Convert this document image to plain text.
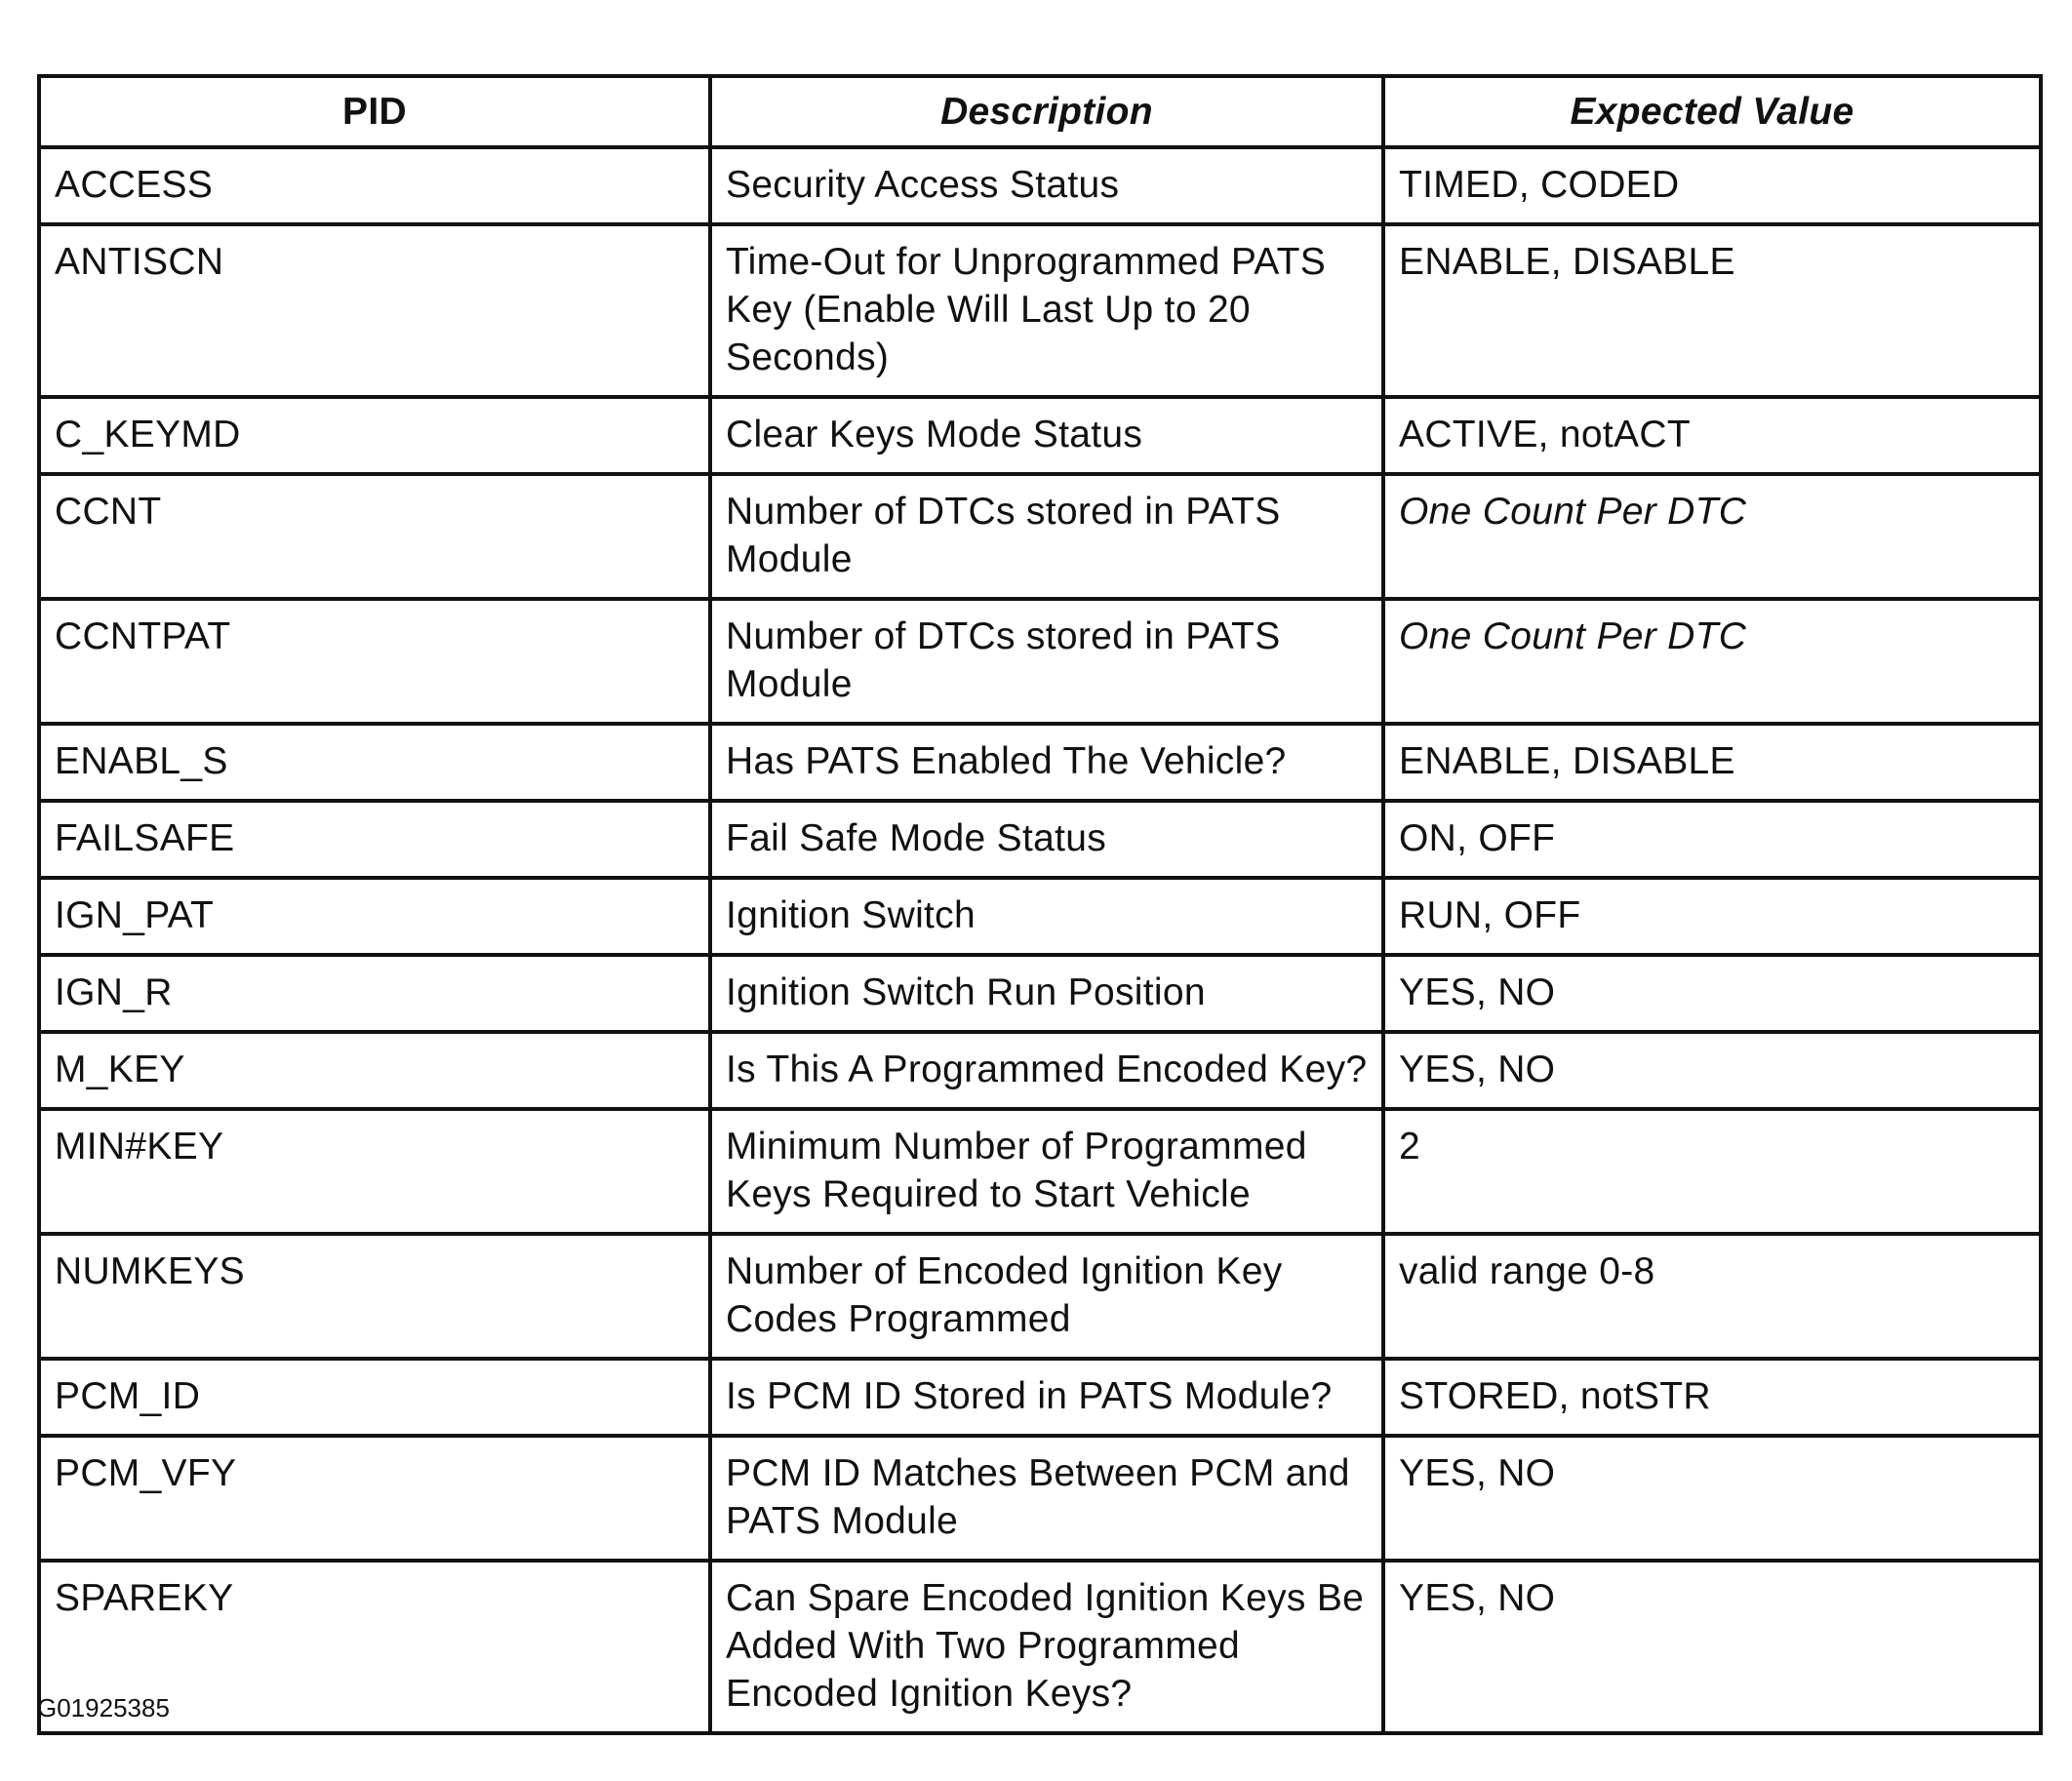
PID	Description	Expected Value
ACCESS	Security Access Status	TIMED, CODED
ANTISCN	Time-Out for Unprogrammed PATS Key (Enable Will Last Up to 20 Seconds)	ENABLE, DISABLE
C_KEYMD	Clear Keys Mode Status	ACTIVE, notACT
CCNT	Number of DTCs stored in PATS Module	One Count Per DTC
CCNTPAT	Number of DTCs stored in PATS Module	One Count Per DTC
ENABL_S	Has PATS Enabled The Vehicle?	ENABLE, DISABLE
FAILSAFE	Fail Safe Mode Status	ON, OFF
IGN_PAT	Ignition Switch	RUN, OFF
IGN_R	Ignition Switch Run Position	YES, NO
M_KEY	Is This A Programmed Encoded Key?	YES, NO
MIN#KEY	Minimum Number of Programmed Keys Required to Start Vehicle	2
NUMKEYS	Number of Encoded Ignition Key Codes Programmed	valid range 0-8
PCM_ID	Is PCM ID Stored in PATS Module?	STORED, notSTR
PCM_VFY	PCM ID Matches Between PCM and PATS Module	YES, NO
SPAREKY	Can Spare Encoded Ignition Keys Be Added With Two Programmed Encoded Ignition Keys?	YES, NO
G01925385
